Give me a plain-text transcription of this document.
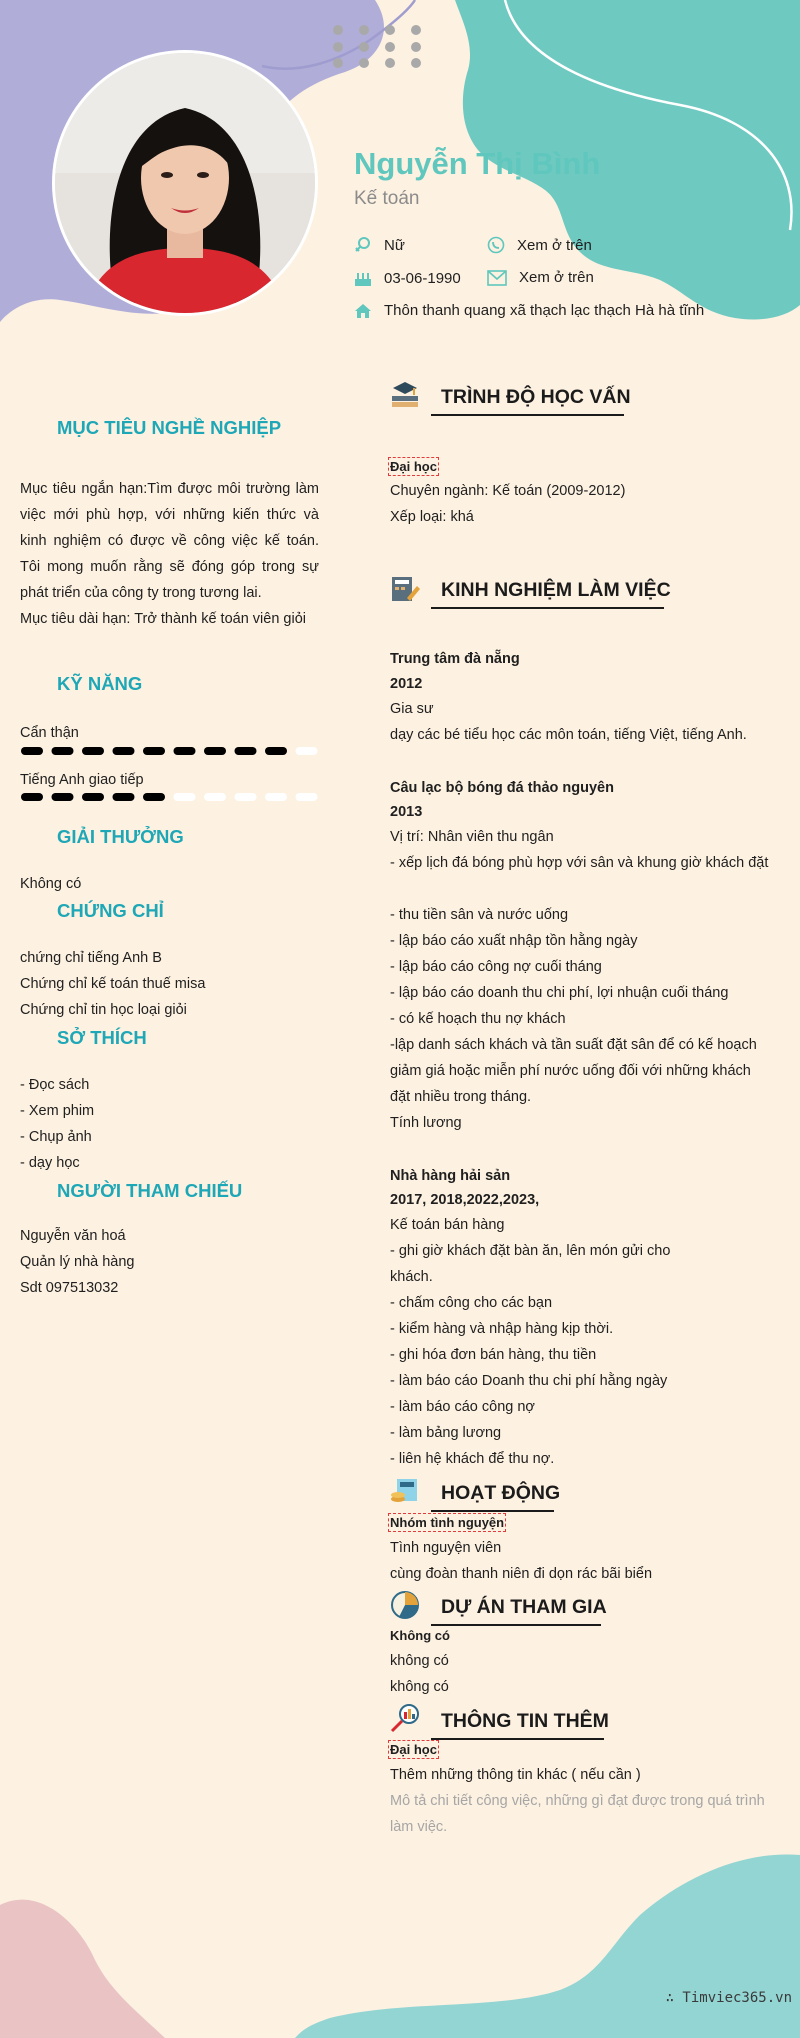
Nguyễn Thị Bình
Kế toán
Nữ	Xem ở trên
03-06-1990	Xem ở trên
Thôn thanh quang xã thạch lạc thạch Hà hà tĩnh
MỤC TIÊU NGHỀ NGHIỆP
Mục tiêu ngắn hạn:Tìm được môi trường làm việc mới phù hợp, với những kiến thức và kinh nghiệm có được về công việc kế toán. Tôi mong muốn rằng sẽ đóng góp trong sự phát triển của công ty trong tương lai.
Mục tiêu dài hạn: Trở thành kế toán viên giỏi
KỸ NĂNG
Cẩn thận
Tiếng Anh giao tiếp
GIẢI THƯỞNG
Không có
CHỨNG CHỈ
chứng chỉ tiếng Anh B
Chứng chỉ kế toán thuế misa
Chứng chỉ tin học loại giỏi
SỞ THÍCH
- Đọc sách
- Xem phim
- Chụp ảnh
- dạy học
NGƯỜI THAM CHIẾU
Nguyễn văn hoá
Quản lý nhà hàng
Sdt 097513032
TRÌNH ĐỘ HỌC VẤN
Đại học
Chuyên ngành: Kế toán (2009-2012)
Xếp loại: khá
KINH NGHIỆM LÀM VIỆC
Trung tâm đà nẵng
2012
Gia sư
dạy các bé tiểu học các môn toán, tiếng Việt, tiếng Anh.
Câu lạc bộ bóng đá thảo nguyên
2013
Vị trí: Nhân viên thu ngân
- xếp lịch đá bóng phù hợp với sân và khung giờ khách đặt
- thu tiền sân và nước uống
- lập báo cáo xuất nhập tồn hằng ngày
- lập báo cáo công nợ cuối tháng
- lập báo cáo doanh thu chi phí, lợi nhuận cuối tháng
- có kế hoạch thu nợ khách
-lập danh sách khách và tần suất đặt sân để có kế hoạch giảm giá hoặc miễn phí nước uống đối với những khách đặt nhiều trong tháng.
Tính lương
Nhà hàng hải sản
2017, 2018,2022,2023,
Kế toán bán hàng
- ghi giờ khách đặt bàn ăn, lên món gửi cho khách.
- chấm công cho các bạn
- kiểm hàng và nhập hàng kịp thời.
- ghi hóa đơn bán hàng, thu tiền
- làm báo cáo Doanh thu chi phí hằng ngày
- làm báo cáo công nợ
- làm bảng lương
- liên hệ khách để thu nợ.
HOẠT ĐỘNG
Nhóm tình nguyện
Tình nguyện viên
cùng đoàn thanh niên đi dọn rác bãi biển
DỰ ÁN THAM GIA
Không có
không có
không có
THÔNG TIN THÊM
Đại học
Thêm những thông tin khác ( nếu cần )
Mô tả chi tiết công việc, những gì đạt được trong quá trình làm việc.
∴ Timviec365.vn
